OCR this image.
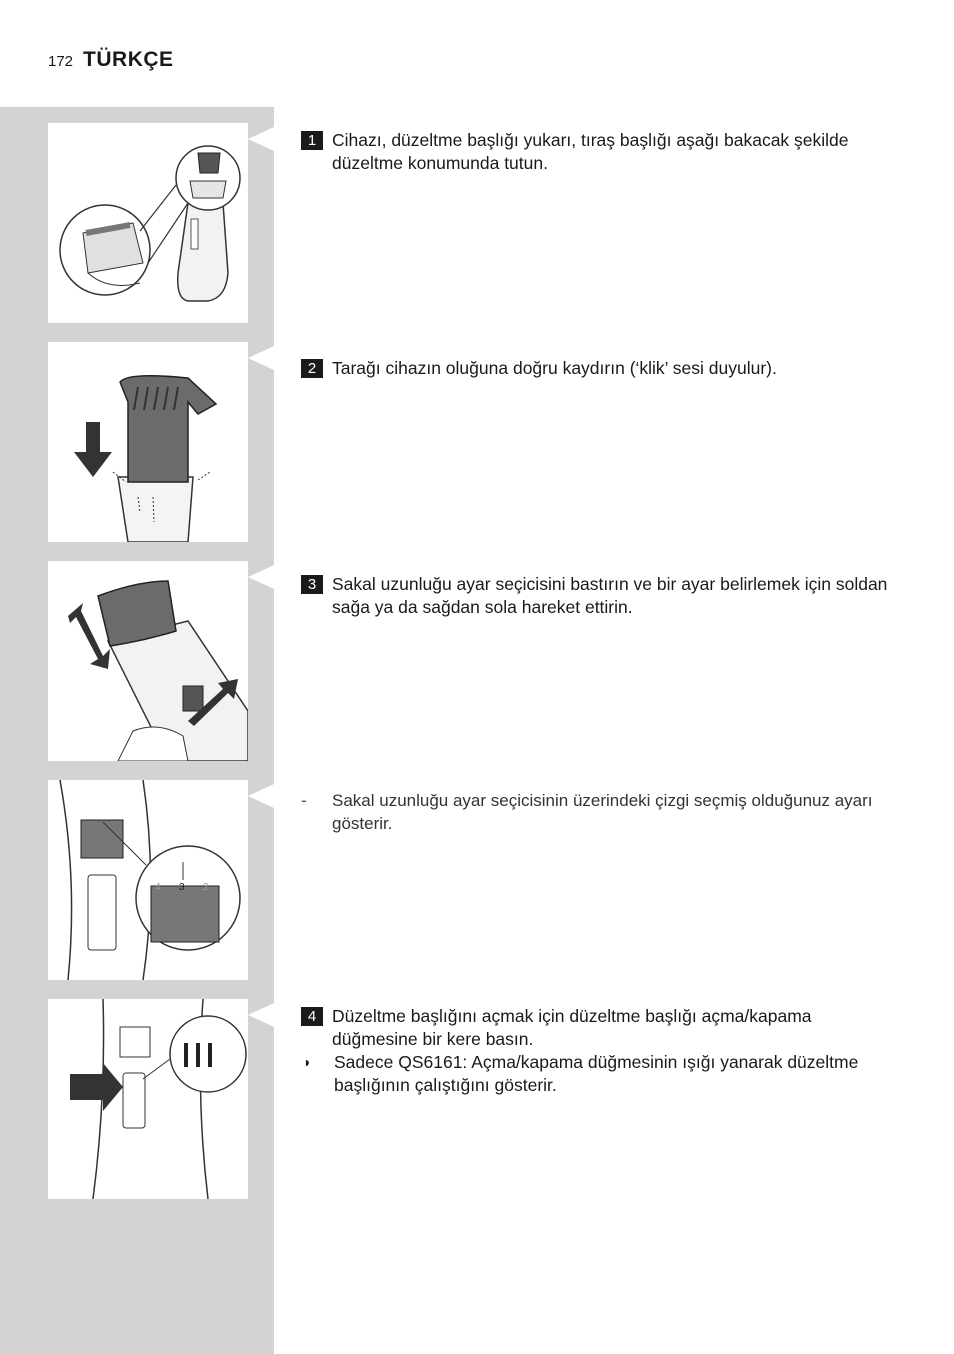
172 TÜRKÇE
4 3 2
1 Cihazı, düzeltme başlığı yukarı, tıraş başlığı aşağı bakacak şekilde düzeltme konumunda tutun.
2 Tarağı cihazın oluğuna doğru kaydırın (‘klik’ sesi duyulur).
3 Sakal uzunluğu ayar seçicisini bastırın ve bir ayar belirlemek için soldan sağa ya da sağdan sola hareket ettirin.
-	Sakal uzunluğu ayar seçicisinin üzerindeki çizgi seçmiş olduğunuz ayarı gösterir.
4 Düzeltme başlığını açmak için düzeltme başlığı açma/kapama düğmesine bir kere basın.
◗	Sadece QS6161: Açma/kapama düğmesinin ışığı yanarak düzeltme başlığının çalıştığını gösterir.
